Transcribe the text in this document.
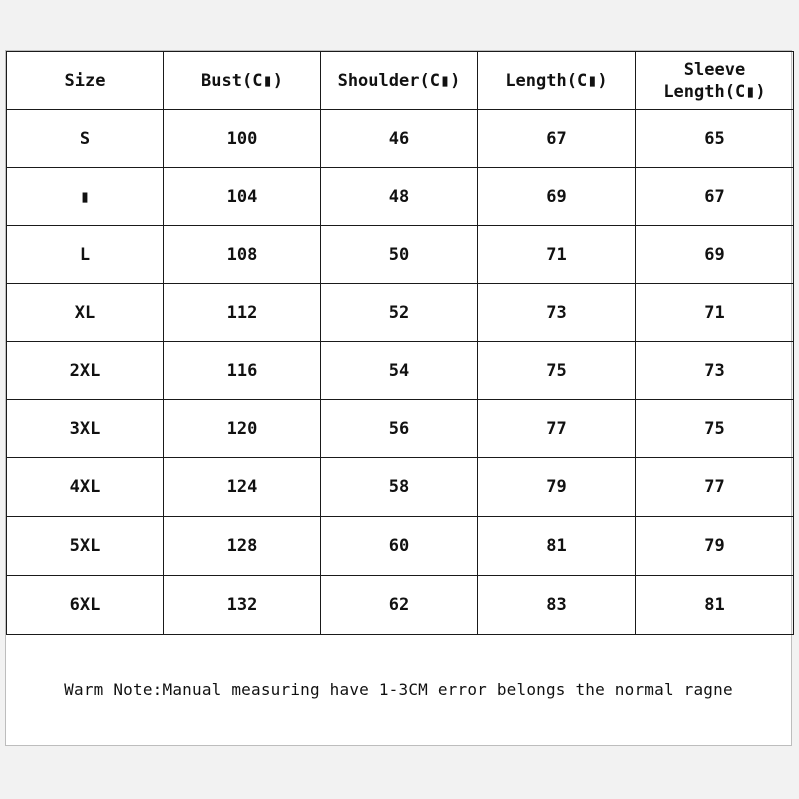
Size	Bust(C▮)	Shoulder(C▮)	Length(C▮)	Sleeve
Length(C▮)
S	100	46	67	65
▮	104	48	69	67
L	108	50	71	69
XL	112	52	73	71
2XL	116	54	75	73
3XL	120	56	77	75
4XL	124	58	79	77
5XL	128	60	81	79
6XL	132	62	83	81
Warm Note:Manual measuring have 1-3CM error belongs the normal ragne
